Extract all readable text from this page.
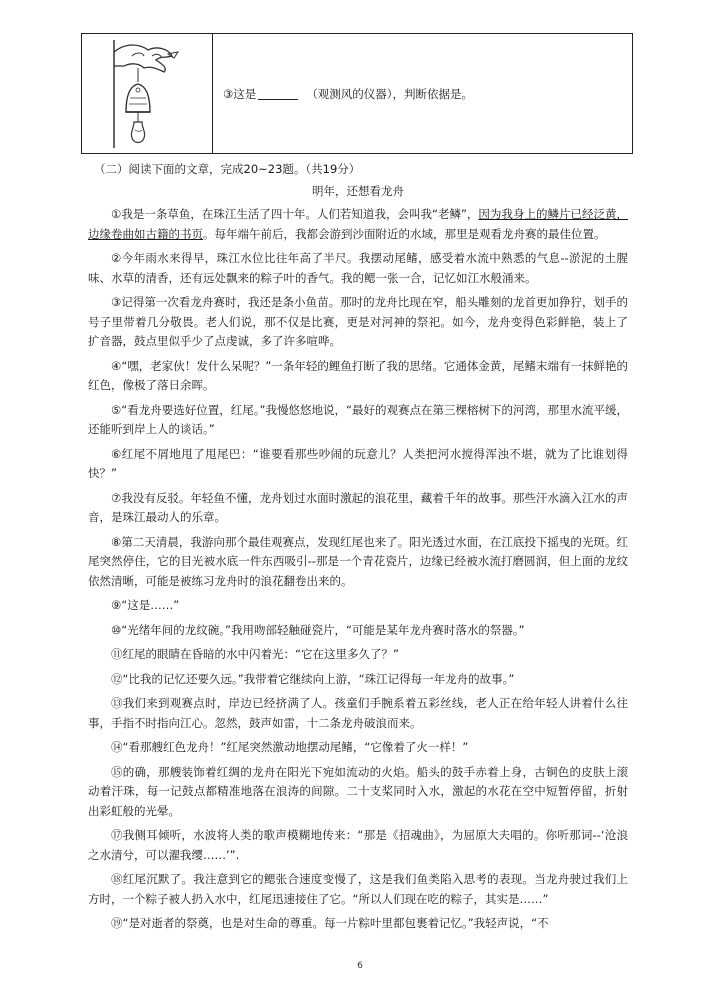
③这是	（观测风的仪器），判断依据是。

（二）阅读下面的文章，完成20~23题。（共19分）

明年，还想看龙舟

①我是一条草鱼，在珠江生活了四十年。人们若知道我，会叫我“老鳞”，因为我身上的鳞片已经泛黄，边缘卷曲如古籍的书页。每年端午前后，我都会游到沙面附近的水域，那里是观看龙舟赛的最佳位置。

②今年雨水来得早，珠江水位比往年高了半尺。我摆动尾鳍，感受着水流中熟悉的气息--淤泥的土腥味、水草的清香，还有远处飘来的粽子叶的香气。我的鳃一张一合，记忆如江水般涌来。

③记得第一次看龙舟赛时，我还是条小鱼苗。那时的龙舟比现在窄，船头雕刻的龙首更加狰狞，划手的号子里带着几分敬畏。老人们说，那不仅是比赛，更是对河神的祭祀。如今，龙舟变得色彩鲜艳，装上了扩音器，鼓点里似乎少了点虔诚，多了许多喧哗。

④“嘿，老家伙！发什么呆呢？”一条年轻的鲤鱼打断了我的思绪。它通体金黄，尾鳍末端有一抹鲜艳的红色，像极了落日余晖。

⑤“看龙舟要选好位置，红尾。”我慢悠悠地说，“最好的观赛点在第三棵榕树下的河湾，那里水流平缓，还能听到岸上人的谈话。”

⑥红尾不屑地甩了甩尾巴：“谁要看那些吵闹的玩意儿？人类把河水搅得浑浊不堪，就为了比谁划得快？”

⑦我没有反驳。年轻鱼不懂，龙舟划过水面时激起的浪花里，藏着千年的故事。那些汗水滴入江水的声音，是珠江最动人的乐章。

⑧第二天清晨，我游向那个最佳观赛点，发现红尾也来了。阳光透过水面，在江底投下摇曳的光斑。红尾突然停住，它的目光被水底一件东西吸引--那是一个青花瓷片，边缘已经被水流打磨圆润，但上面的龙纹依然清晰，可能是被练习龙舟时的浪花翻卷出来的。

⑨“这是……”

⑩“光绪年间的龙纹碗。”我用吻部轻触碰瓷片，“可能是某年龙舟赛时落水的祭器。”

⑪红尾的眼睛在昏暗的水中闪着光：“它在这里多久了？”

⑫“比我的记忆还要久远。”我带着它继续向上游，“珠江记得每一年龙舟的故事。”

⑬我们来到观赛点时，岸边已经挤满了人。孩童们手腕系着五彩丝线，老人正在给年轻人讲着什么往事，手指不时指向江心。忽然，鼓声如雷，十二条龙舟破浪而来。

⑭“看那艘红色龙舟！”红尾突然激动地摆动尾鳍，“它像着了火一样！”

⑮的确，那艘装饰着红绸的龙舟在阳光下宛如流动的火焰。船头的鼓手赤着上身，古铜色的皮肤上滚动着汗珠，每一记鼓点都精准地落在浪涛的间隙。二十支桨同时入水，激起的水花在空中短暂停留，折射出彩虹般的光晕。

⑰我侧耳倾听，水波将人类的歌声模糊地传来：“那是《招魂曲》，为屈原大夫唱的。你听那词--‘沧浪之水清兮，可以濯我缨……’”.

⑱红尾沉默了。我注意到它的鳃张合速度变慢了，这是我们鱼类陷入思考的表现。当龙舟驶过我们上方时，一个粽子被人扔入水中，红尾迅速接住了它。“所以人们现在吃的粽子，其实是……”

⑲“是对逝者的祭奠，也是对生命的尊重。每一片粽叶里都包裹着记忆。”我轻声说，“不

6
